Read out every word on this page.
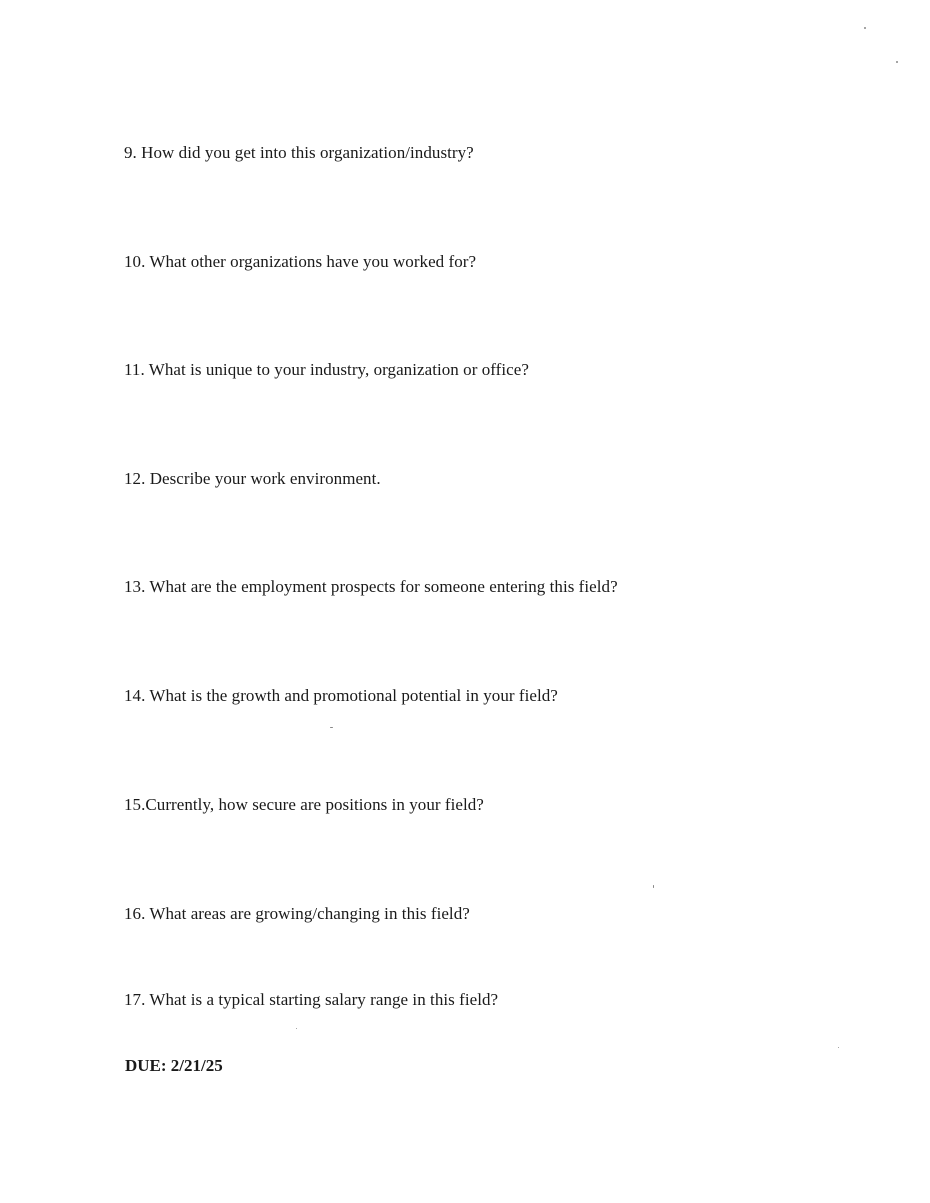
9. How did you get into this organization/industry?
10. What other organizations have you worked for?
11. What is unique to your industry, organization or office?
12. Describe your work environment.
13. What are the employment prospects for someone entering this field?
14. What is the growth and promotional potential in your field?
15.Currently, how secure are positions in your field?
16. What areas are growing/changing in this field?
17. What is a typical starting salary range in this field?
DUE: 2/21/25
